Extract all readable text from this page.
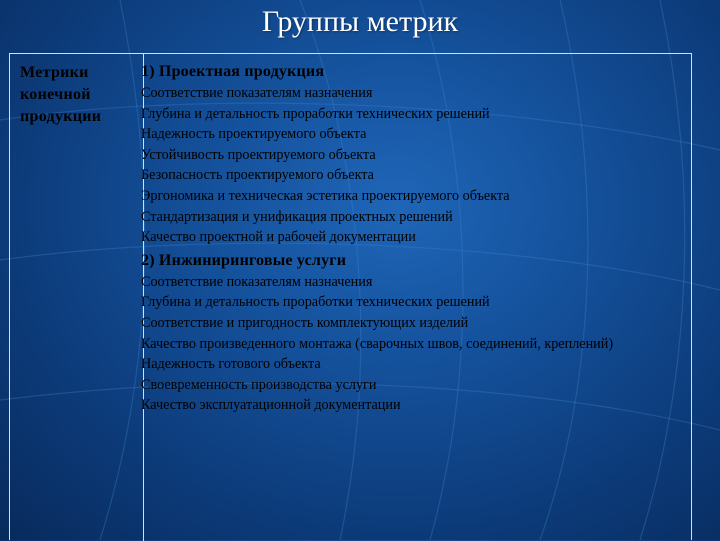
Группы метрик
Метрики конечной продукции
1) Проектная продукция
Соответствие показателям назначения
Глубина и детальность проработки технических решений
Надежность проектируемого объекта
Устойчивость проектируемого объекта
Безопасность проектируемого объекта
Эргономика и техническая эстетика проектируемого объекта
Стандартизация и унификация проектных решений
Качество проектной и рабочей документации
2) Инжиниринговые услуги
Соответствие показателям назначения
Глубина и детальность проработки технических решений
Соответствие и пригодность комплектующих изделий
Качество произведенного монтажа (сварочных швов, соединений, креплений)
Надежность готового объекта
Своевременность производства услуги
Качество эксплуатационной документации
